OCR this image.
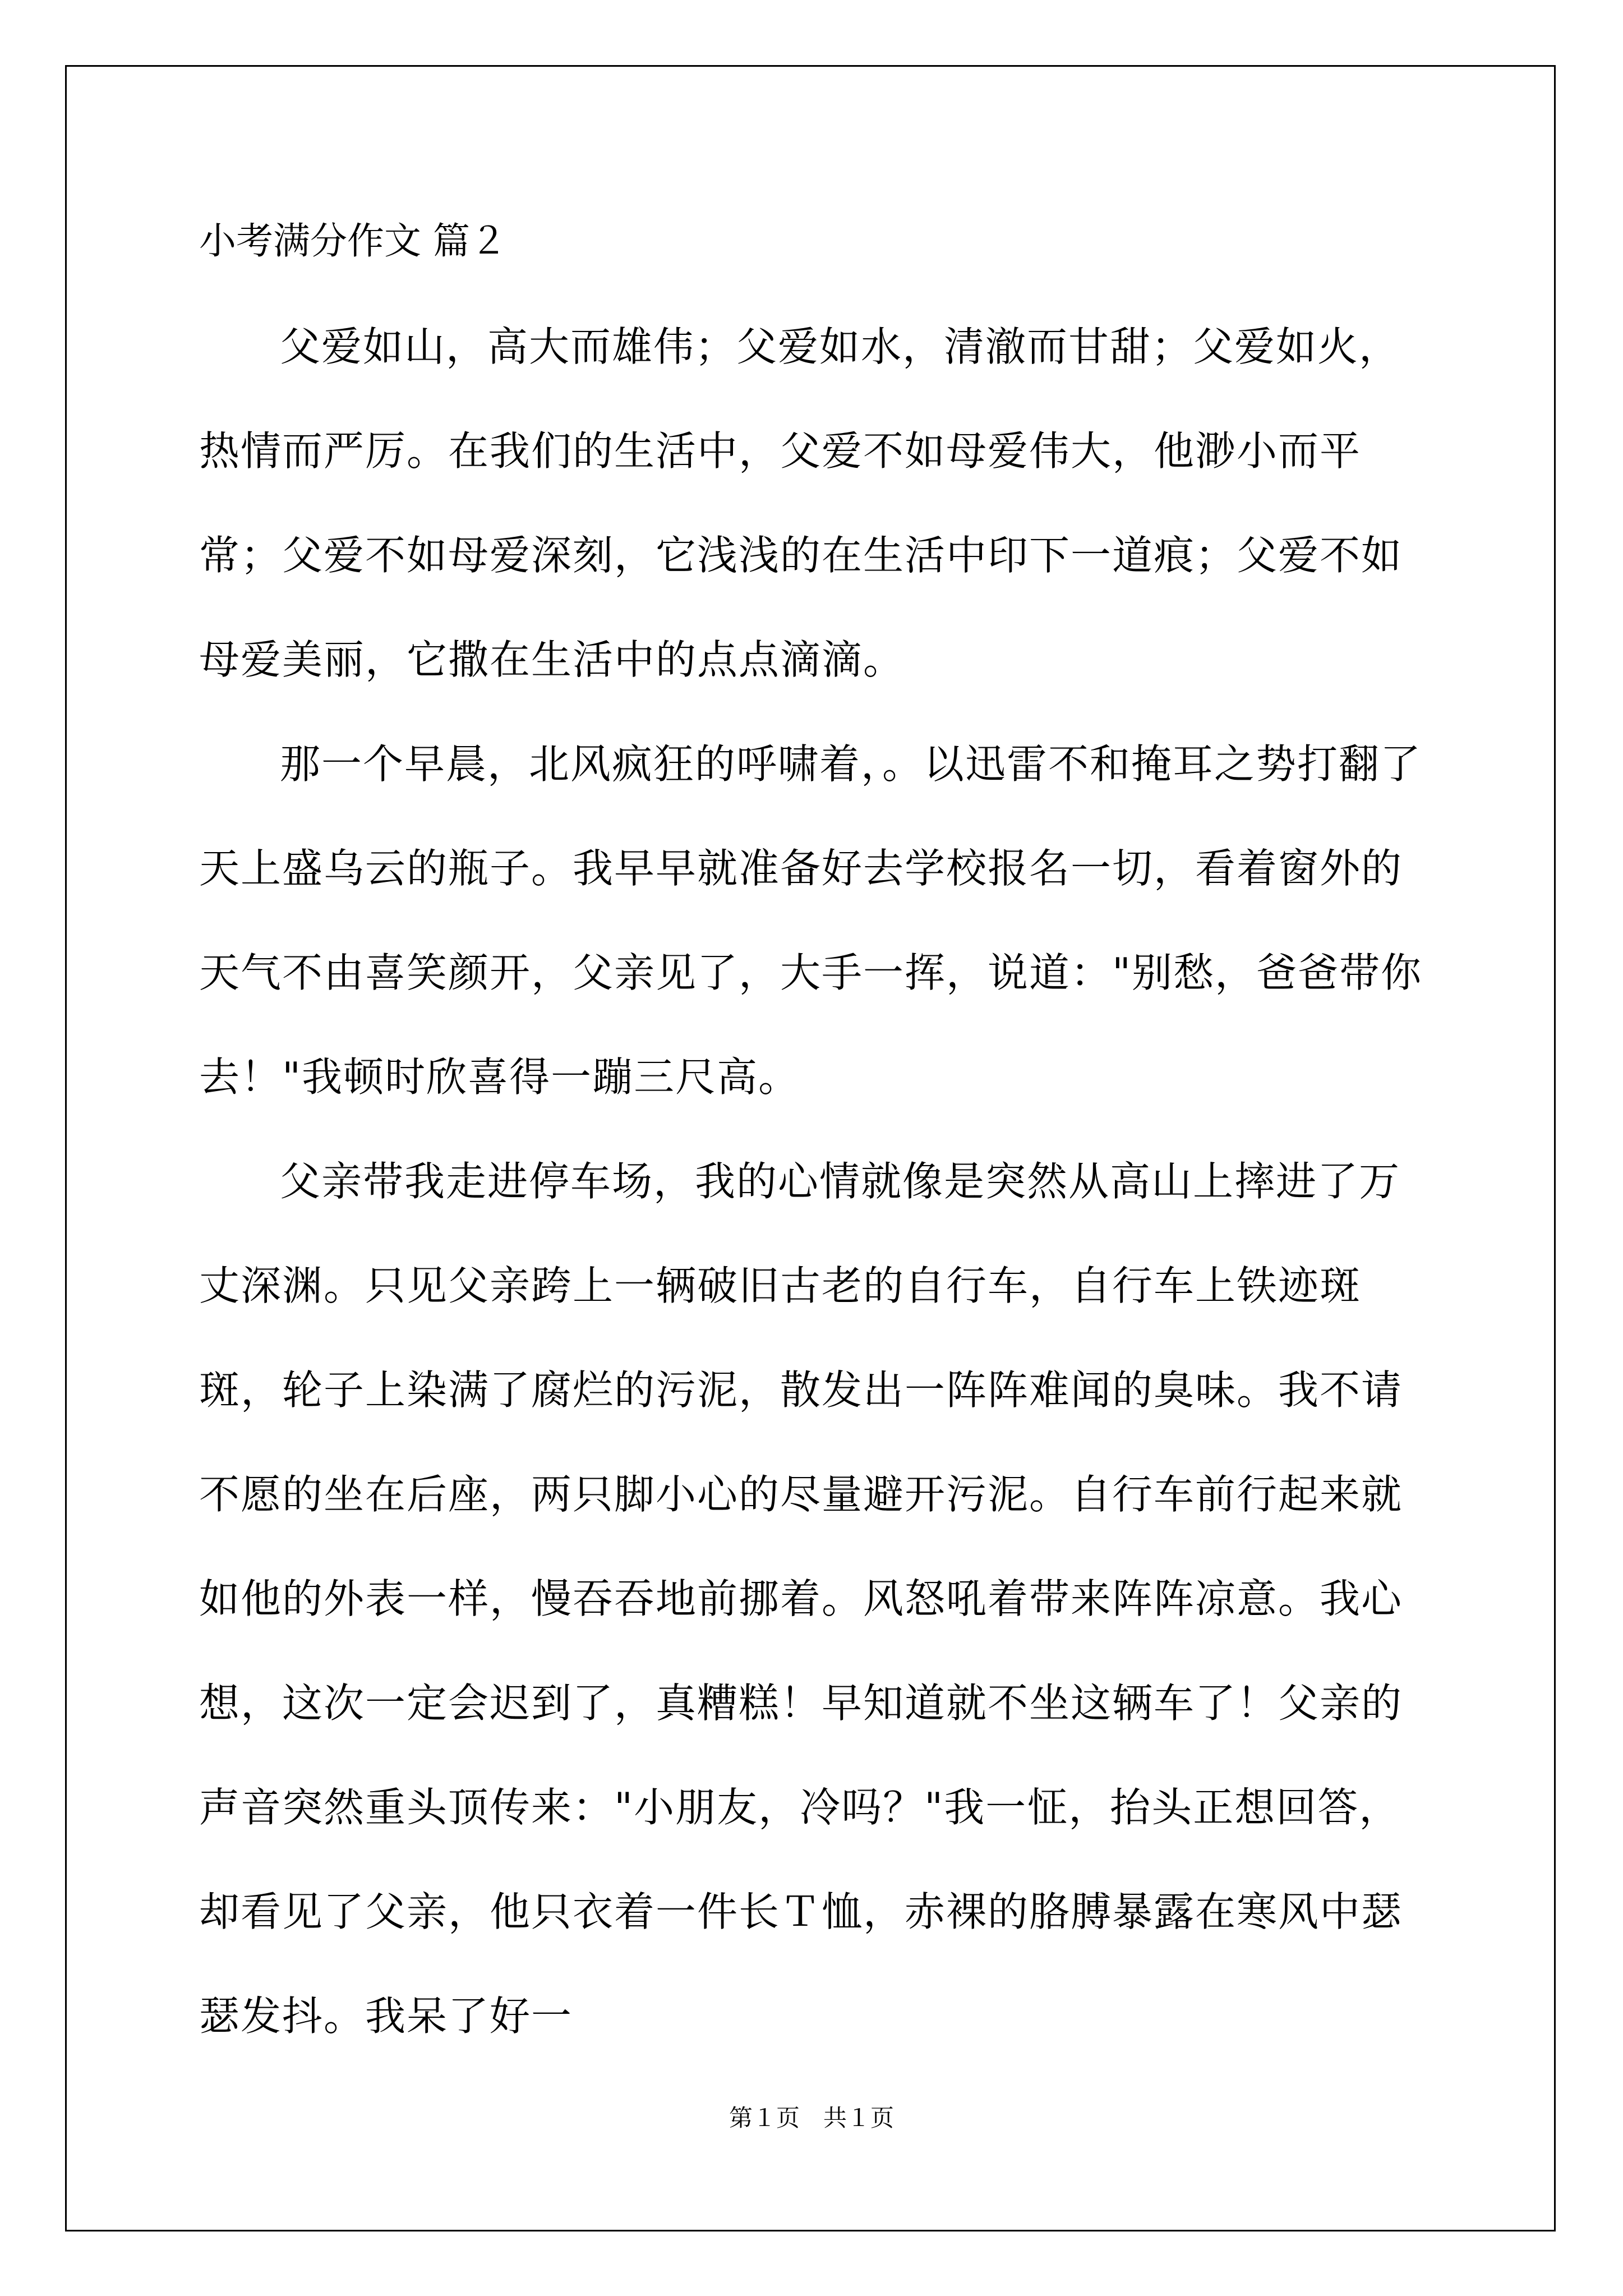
小考满分作文 篇２

父爱如山，高大而雄伟；父爱如水，清澈而甘甜；父爱如火，热情而严厉。在我们的生活中，父爱不如母爱伟大，他渺小而平常；父爱不如母爱深刻，它浅浅的在生活中印下一道痕；父爱不如母爱美丽，它撒在生活中的点点滴滴。

那一个早晨，北风疯狂的呼啸着，。以迅雷不和掩耳之势打翻了天上盛乌云的瓶子。我早早就准备好去学校报名一切，看着窗外的天气不由喜笑颜开，父亲见了，大手一挥，说道："别愁，爸爸带你去！"我顿时欣喜得一蹦三尺高。

父亲带我走进停车场，我的心情就像是突然从高山上摔进了万丈深渊。只见父亲跨上一辆破旧古老的自行车，自行车上铁迹斑斑，轮子上染满了腐烂的污泥，散发出一阵阵难闻的臭味。我不请不愿的坐在后座，两只脚小心的尽量避开污泥。自行车前行起来就如他的外表一样，慢吞吞地前挪着。风怒吼着带来阵阵凉意。我心想，这次一定会迟到了，真糟糕！早知道就不坐这辆车了！父亲的声音突然重头顶传来："小朋友，冷吗？"我一怔，抬头正想回答，却看见了父亲，他只衣着一件长Ｔ恤，赤裸的胳膊暴露在寒风中瑟瑟发抖。我呆了好一

第１页　共１页
